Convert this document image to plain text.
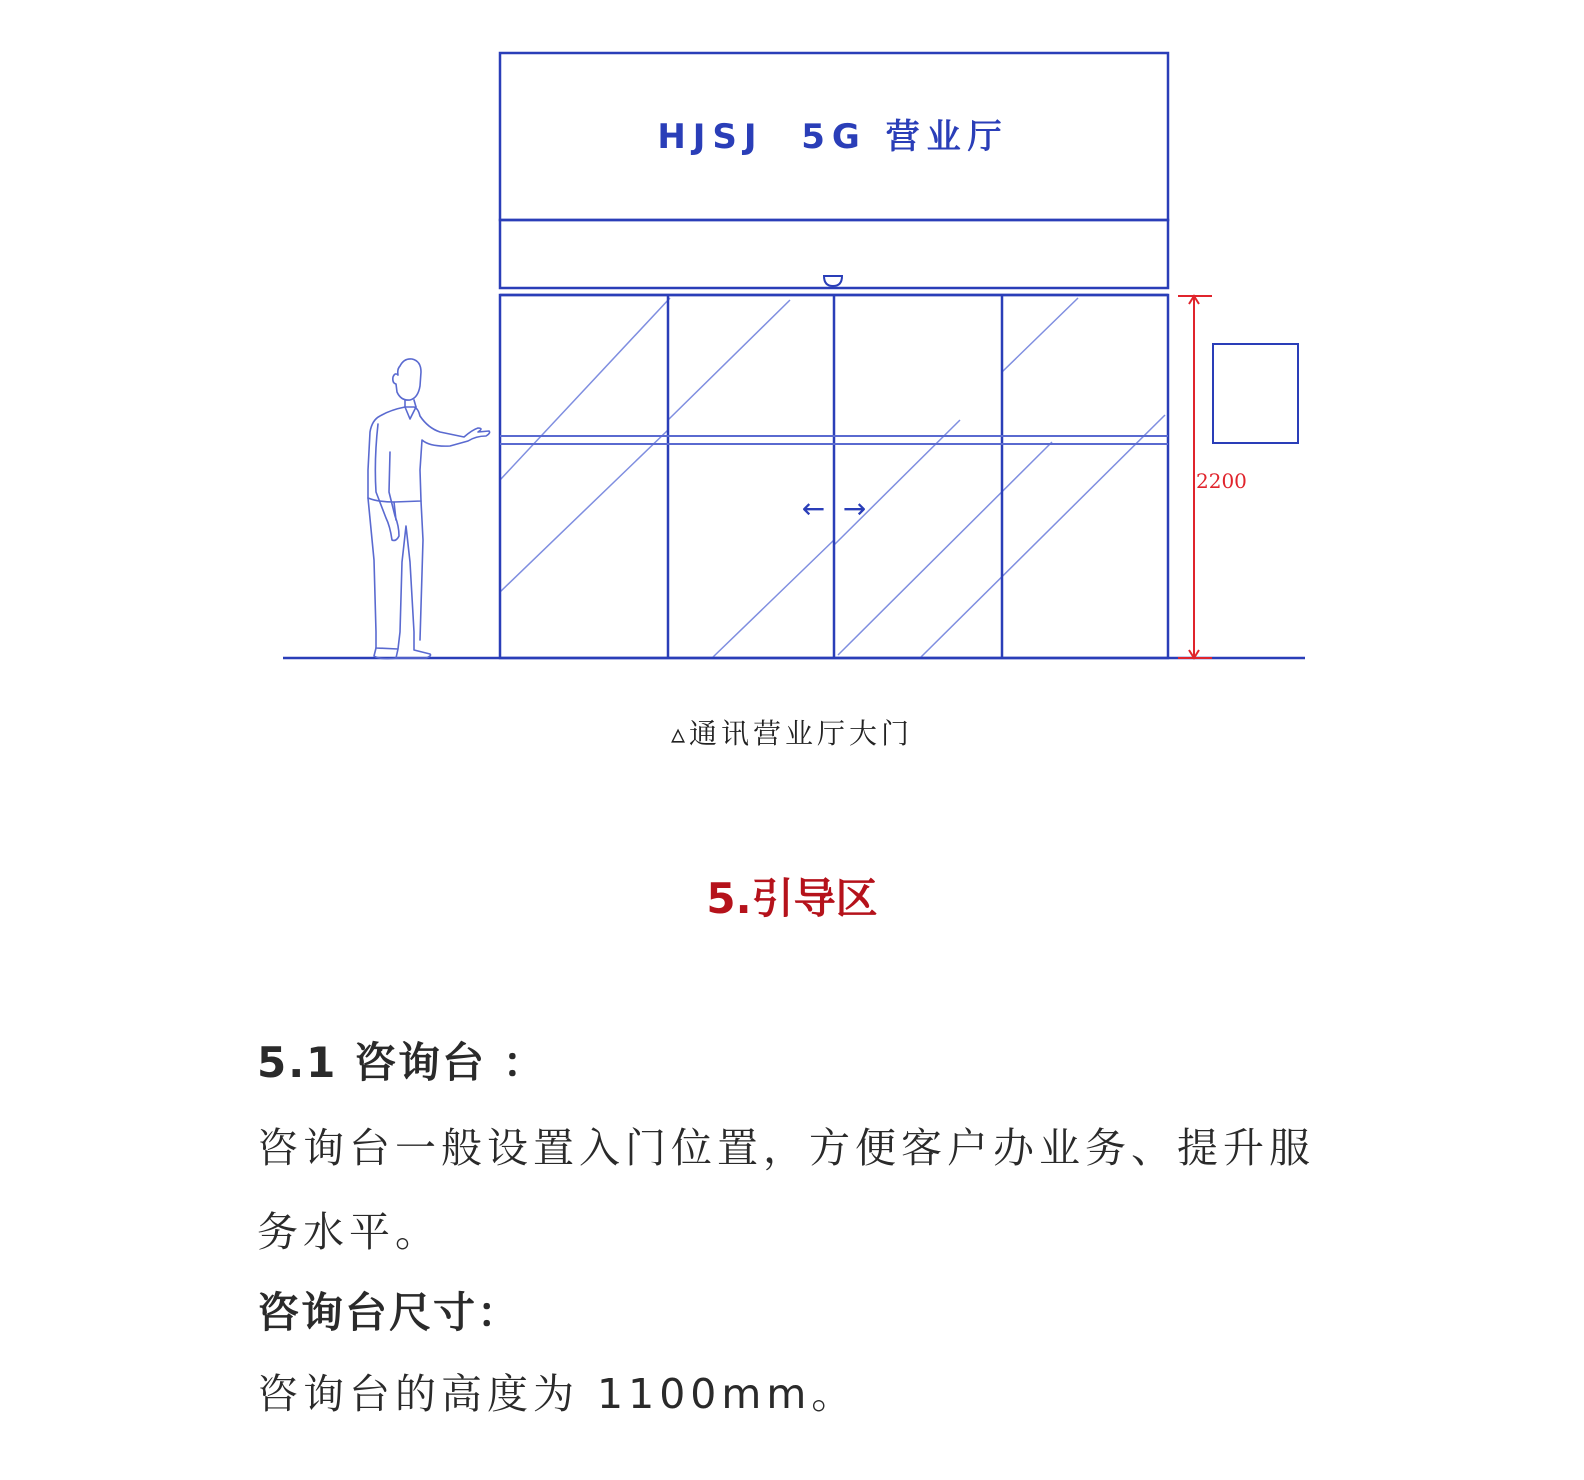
HJSJ  5G 营业厅
←  →
2200
▵通讯营业厅大门
5.引导区
5.1 咨询台 ：
咨询台一般设置入门位置，方便客户办业务、提升服务水平。
咨询台尺寸：
咨询台的高度为 1100mm。
